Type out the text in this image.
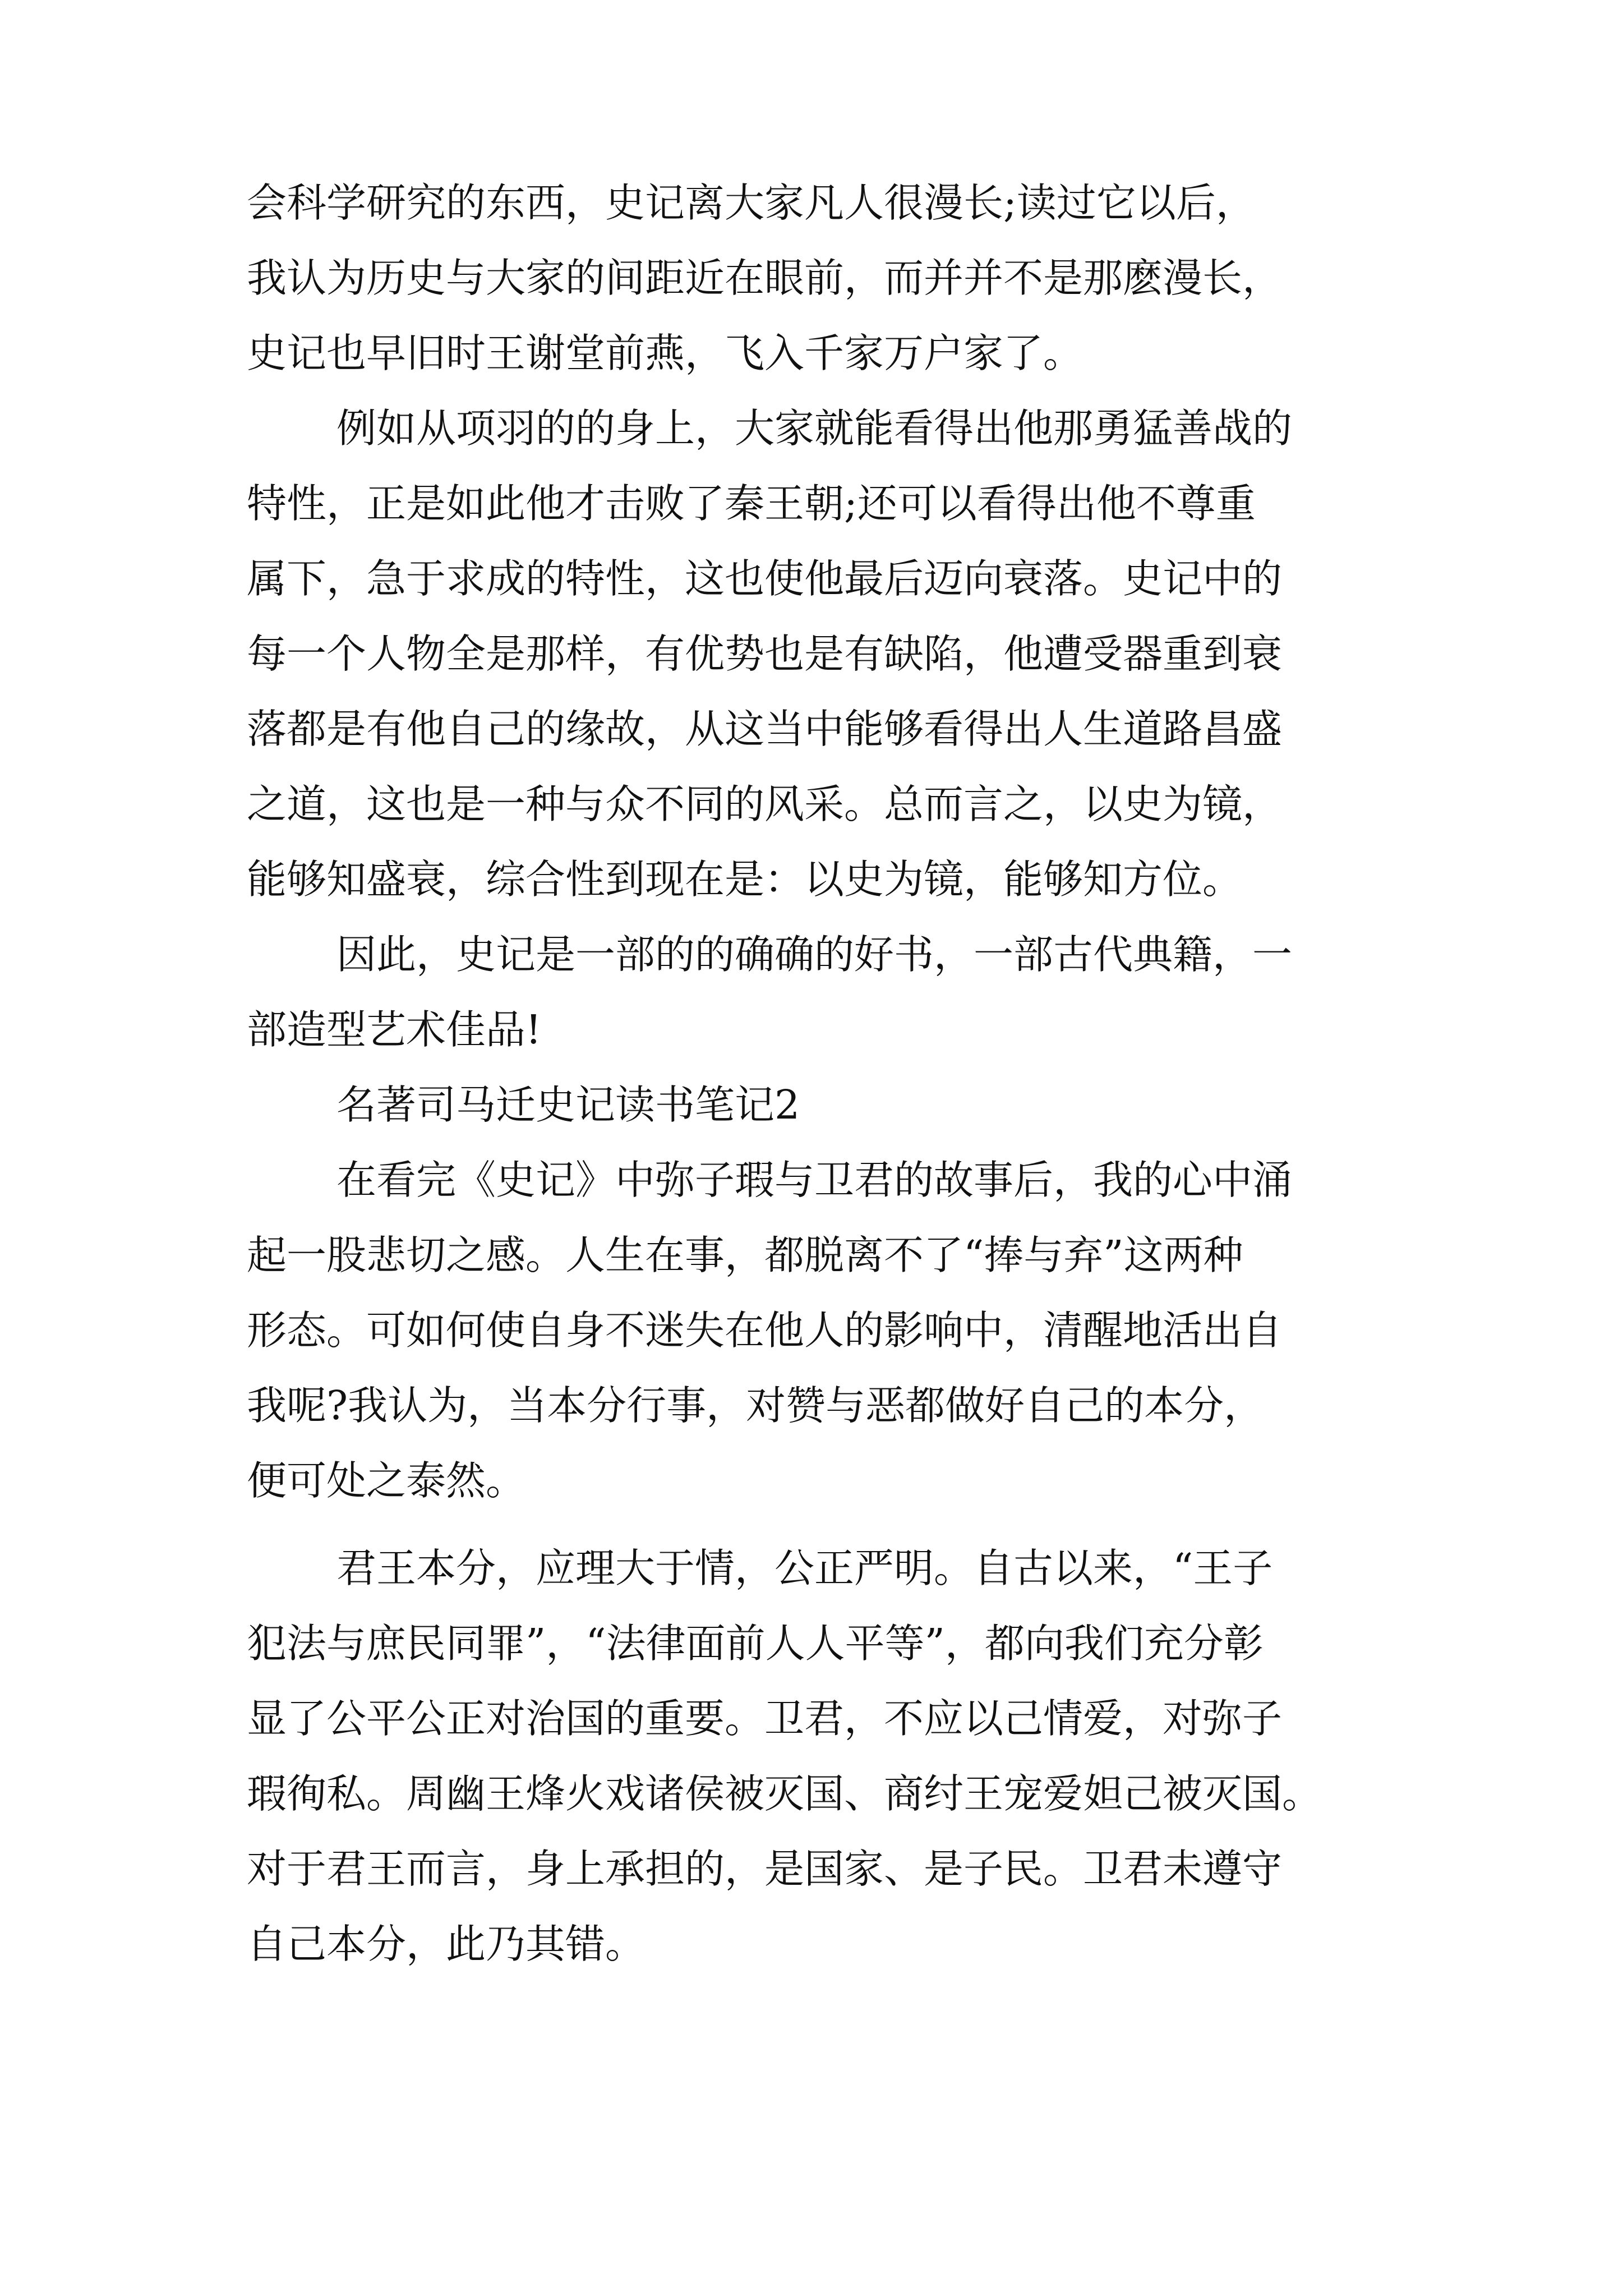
会科学研究的东西，史记离大家凡人很漫长;读过它以后，
我认为历史与大家的间距近在眼前，而并并不是那麽漫长，
史记也早旧时王谢堂前燕，飞入千家万户家了。
例如从项羽的的身上，大家就能看得出他那勇猛善战的
特性，正是如此他才击败了秦王朝;还可以看得出他不尊重
属下，急于求成的特性，这也使他最后迈向衰落。史记中的
每一个人物全是那样，有优势也是有缺陷，他遭受器重到衰
落都是有他自己的缘故，从这当中能够看得出人生道路昌盛
之道，这也是一种与众不同的风采。总而言之，以史为镜，
能够知盛衰，综合性到现在是：以史为镜，能够知方位。
因此，史记是一部的的确确的好书，一部古代典籍，一
部造型艺术佳品!
名著司马迁史记读书笔记2
在看完《史记》中弥子瑕与卫君的故事后，我的心中涌
起一股悲切之感。人生在事，都脱离不了“捧与弃”这两种
形态。可如何使自身不迷失在他人的影响中，清醒地活出自
我呢?我认为，当本分行事，对赞与恶都做好自己的本分，
便可处之泰然。
君王本分，应理大于情，公正严明。自古以来，“王子
犯法与庶民同罪”，“法律面前人人平等”，都向我们充分彰
显了公平公正对治国的重要。卫君，不应以己情爱，对弥子
瑕徇私。周幽王烽火戏诸侯被灭国、商纣王宠爱妲己被灭国。
对于君王而言，身上承担的，是国家、是子民。卫君未遵守
自己本分，此乃其错。
